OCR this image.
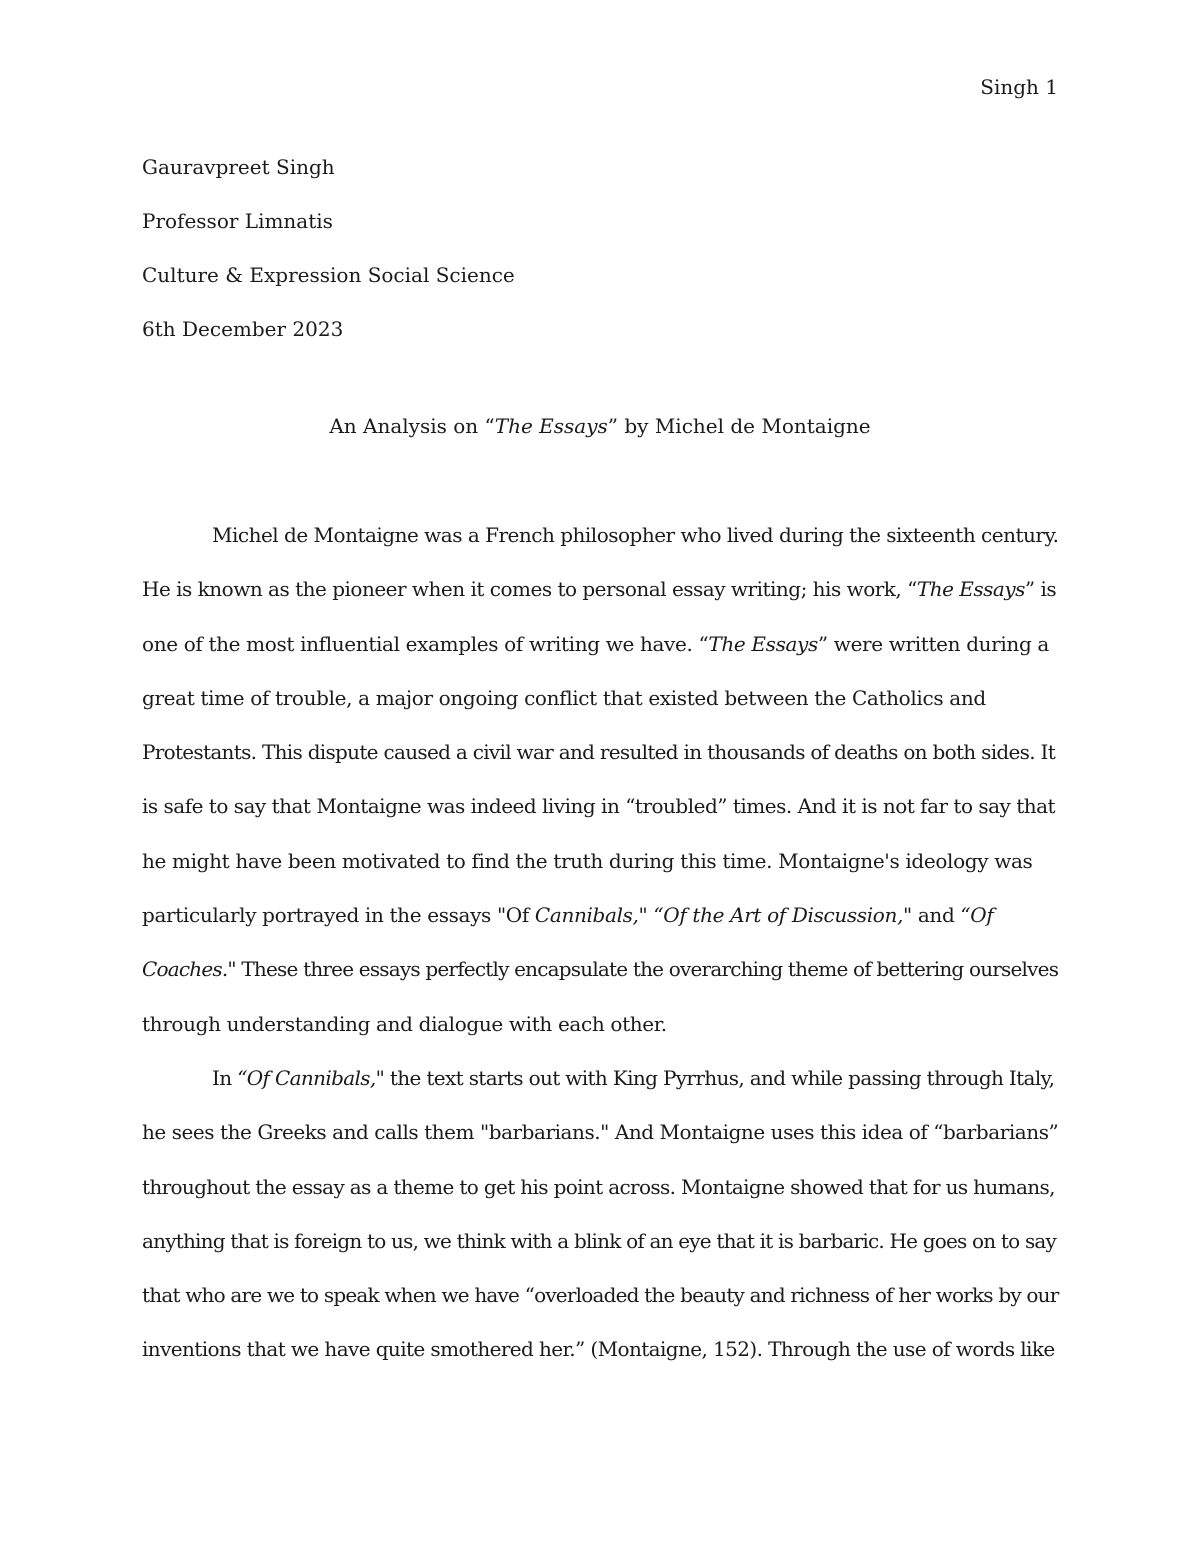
Singh 1
Gauravpreet Singh
Professor Limnatis
Culture & Expression Social Science
6th December 2023
An Analysis on “The Essays” by Michel de Montaigne
Michel de Montaigne was a French philosopher who lived during the sixteenth century.
He is known as the pioneer when it comes to personal essay writing; his work, “The Essays” is
one of the most influential examples of writing we have. “The Essays” were written during a
great time of trouble, a major ongoing conflict that existed between the Catholics and
Protestants. This dispute caused a civil war and resulted in thousands of deaths on both sides. It
is safe to say that Montaigne was indeed living in “troubled” times. And it is not far to say that
he might have been motivated to find the truth during this time. Montaigne's ideology was
particularly portrayed in the essays "Of Cannibals," “Of the Art of Discussion," and “Of
Coaches." These three essays perfectly encapsulate the overarching theme of bettering ourselves
through understanding and dialogue with each other.
In “Of Cannibals," the text starts out with King Pyrrhus, and while passing through Italy,
he sees the Greeks and calls them "barbarians." And Montaigne uses this idea of “barbarians”
throughout the essay as a theme to get his point across. Montaigne showed that for us humans,
anything that is foreign to us, we think with a blink of an eye that it is barbaric. He goes on to say
that who are we to speak when we have “overloaded the beauty and richness of her works by our
inventions that we have quite smothered her.” (Montaigne, 152). Through the use of words like
